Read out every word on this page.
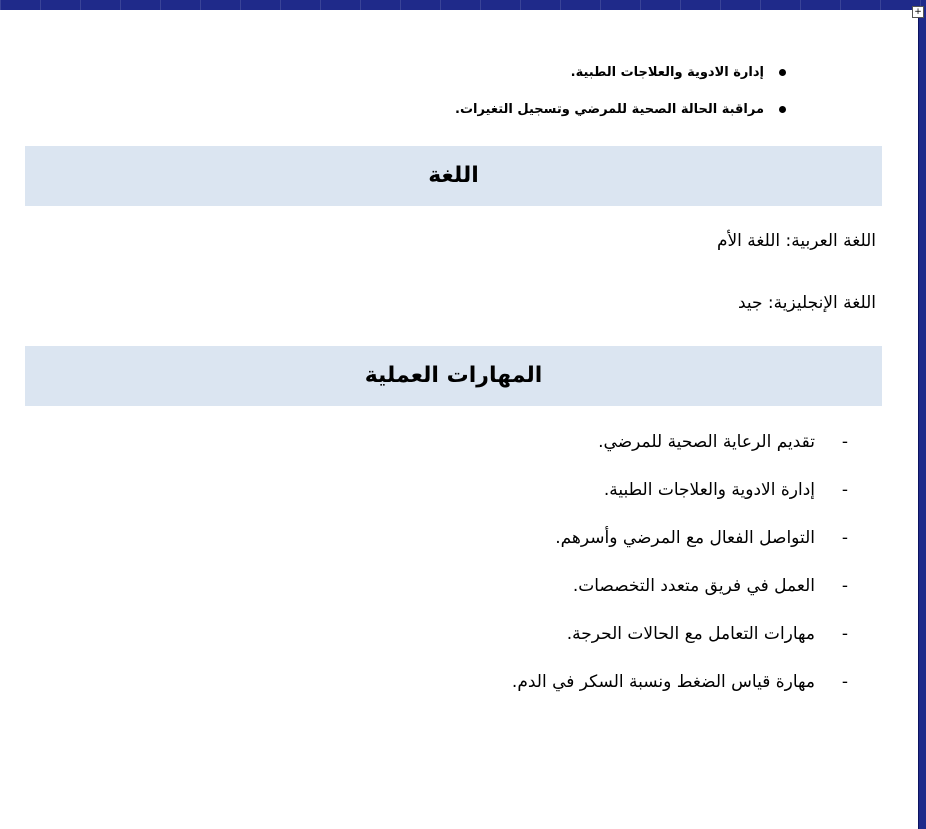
+
إدارة الادوية والعلاجات الطبية.
مراقبة الحالة الصحية للمرضي وتسجيل التغيرات.
اللغة
اللغة العربية: اللغة الأم
اللغة الإنجليزية: جيد
المهارات العملية
-
تقديم الرعاية الصحية للمرضي.
-
إدارة الادوية والعلاجات الطبية.
-
التواصل الفعال مع المرضي وأسرهم.
-
العمل في فريق متعدد التخصصات.
-
مهارات التعامل مع الحالات الحرجة.
-
مهارة قياس الضغط ونسبة السكر في الدم.
